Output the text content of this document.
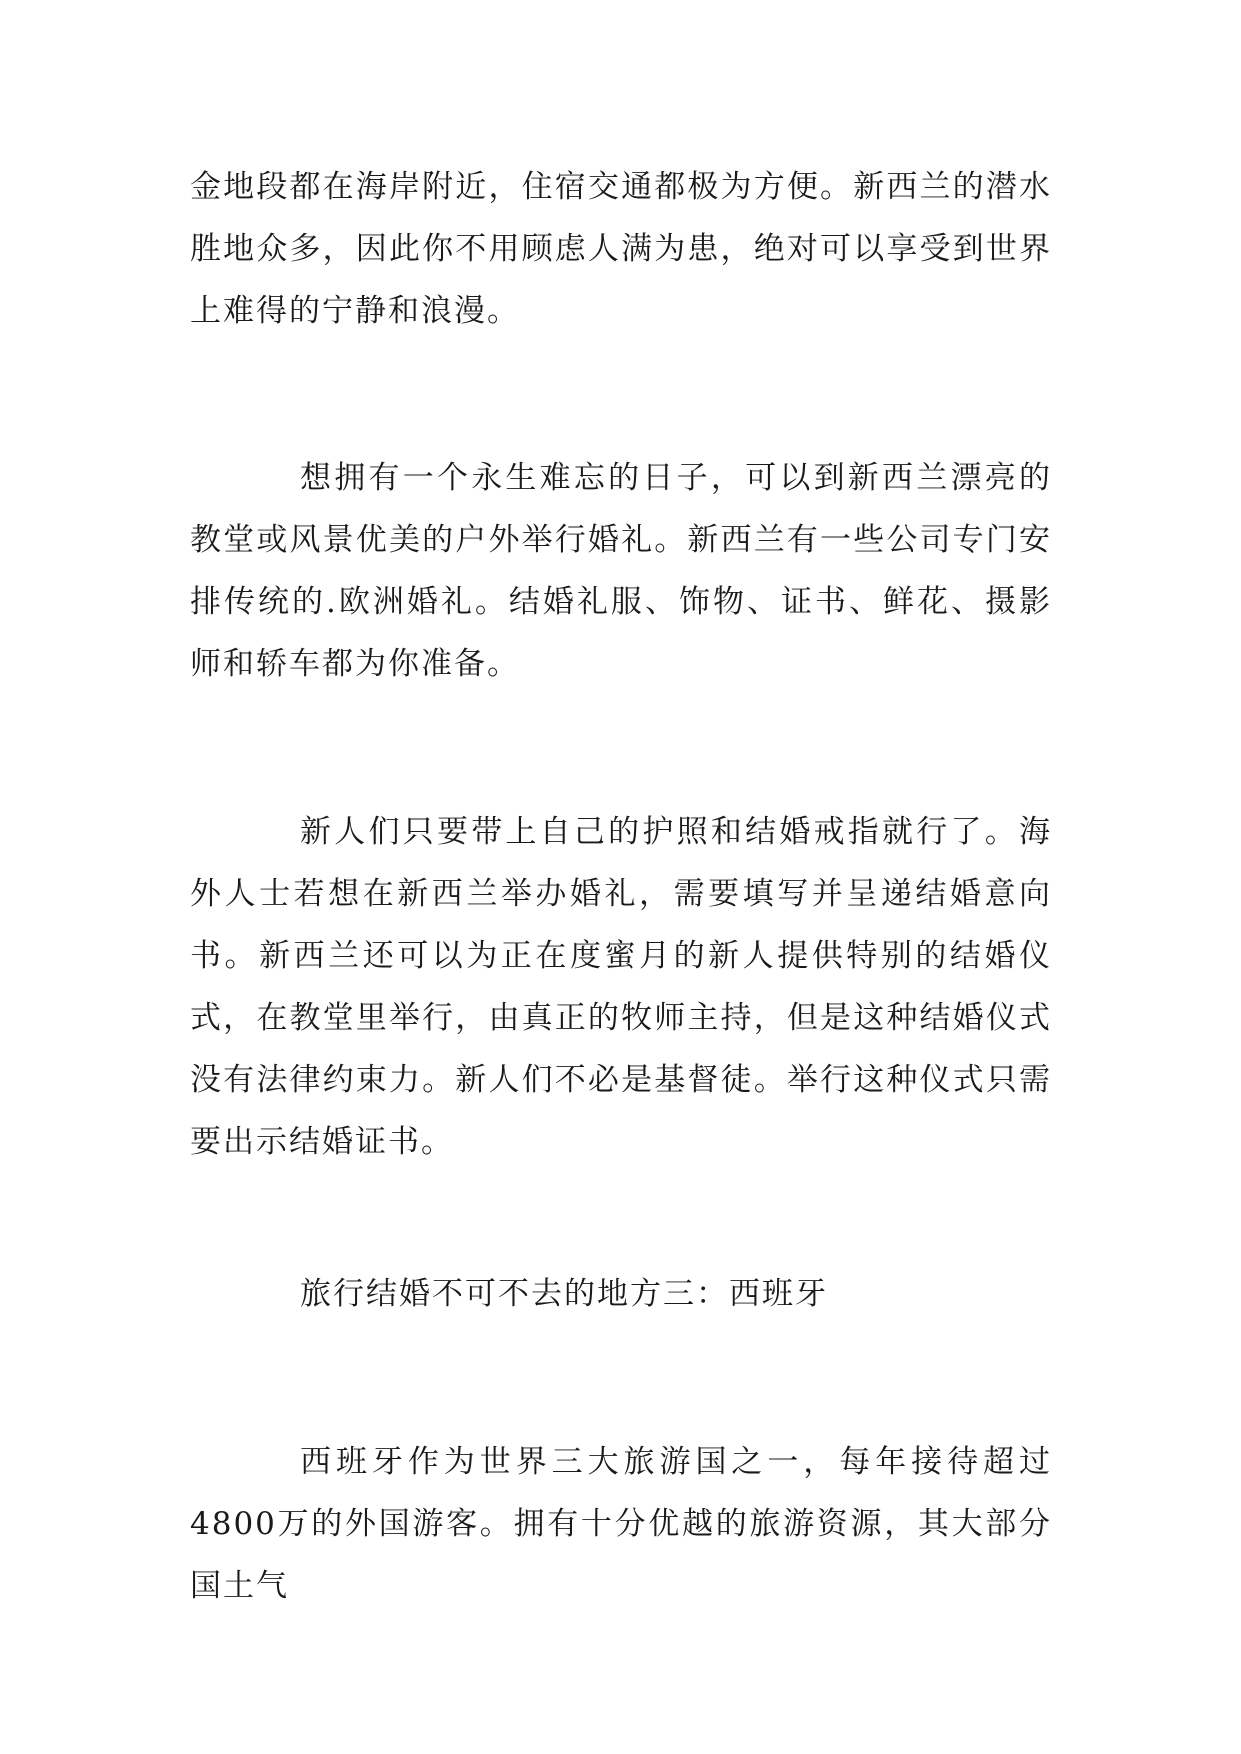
金地段都在海岸附近，住宿交通都极为方便。新西兰的潜水胜地众多，因此你不用顾虑人满为患，绝对可以享受到世界上难得的宁静和浪漫。

想拥有一个永生难忘的日子，可以到新西兰漂亮的教堂或风景优美的户外举行婚礼。新西兰有一些公司专门安排传统的.欧洲婚礼。结婚礼服、饰物、证书、鲜花、摄影师和轿车都为你准备。

新人们只要带上自己的护照和结婚戒指就行了。海外人士若想在新西兰举办婚礼，需要填写并呈递结婚意向书。新西兰还可以为正在度蜜月的新人提供特别的结婚仪式，在教堂里举行，由真正的牧师主持，但是这种结婚仪式没有法律约束力。新人们不必是基督徒。举行这种仪式只需要出示结婚证书。

旅行结婚不可不去的地方三：西班牙

西班牙作为世界三大旅游国之一，每年接待超过4800万的外国游客。拥有十分优越的旅游资源，其大部分国土气
